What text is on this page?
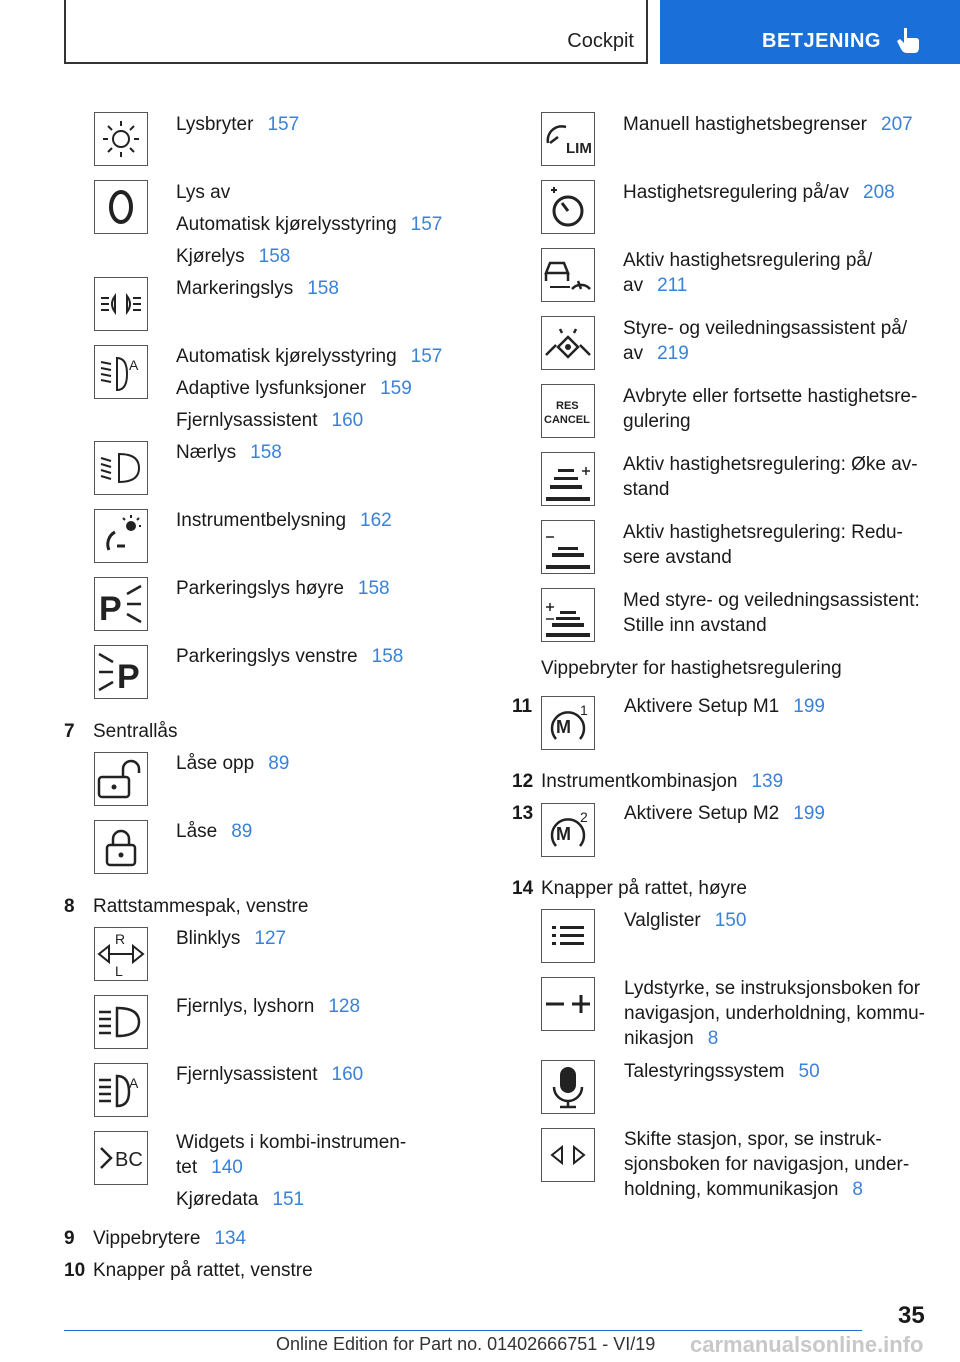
Cockpit	BETJENING
A
P
P
R
L
A
BC
Lysbryter 157
Lys av
Automatisk kjørelysstyring 157
Kjørelys 158
Markeringslys 158
Automatisk kjørelysstyring 157
Adaptive lysfunksjoner 159
Fjernlysassistent 160
Nærlys 158
Instrumentbelysning 162
Parkeringslys høyre 158
Parkeringslys venstre 158
7 Sentrallås
Låse opp 89
Låse 89
8 Rattstammespak, venstre
Blinklys 127
Fjernlys, lyshorn 128
Fjernlysassistent 160
Widgets i kombi-instrumen-
tet 140
Kjøredata 151
9 Vippebrytere 134
10 Knapper på rattet, venstre
LIM
RES
CANCEL
M
1
M
2
Manuell hastighetsbegrenser 207
Hastighetsregulering på/av 208
Aktiv hastighetsregulering på/
av 211
Styre- og veiledningsassistent på/
av 219
Avbryte eller fortsette hastighetsre-
gulering
Aktiv hastighetsregulering: Øke av-
stand
Aktiv hastighetsregulering: Redu-
sere avstand
Med styre- og veiledningsassistent:
Stille inn avstand
Vippebryter for hastighetsregulering
11	Aktivere Setup M1 199
12 Instrumentkombinasjon 139
13	Aktivere Setup M2 199
14 Knapper på rattet, høyre
Valglister 150
Lydstyrke, se instruksjonsboken for
navigasjon, underholdning, kommu-
nikasjon 8
Talestyringssystem 50
Skifte stasjon, spor, se instruk-
sjonsboken for navigasjon, under-
holdning, kommunikasjon 8
35
Online Edition for Part no. 01402666751 - VI/19 carmanualsonline.info
